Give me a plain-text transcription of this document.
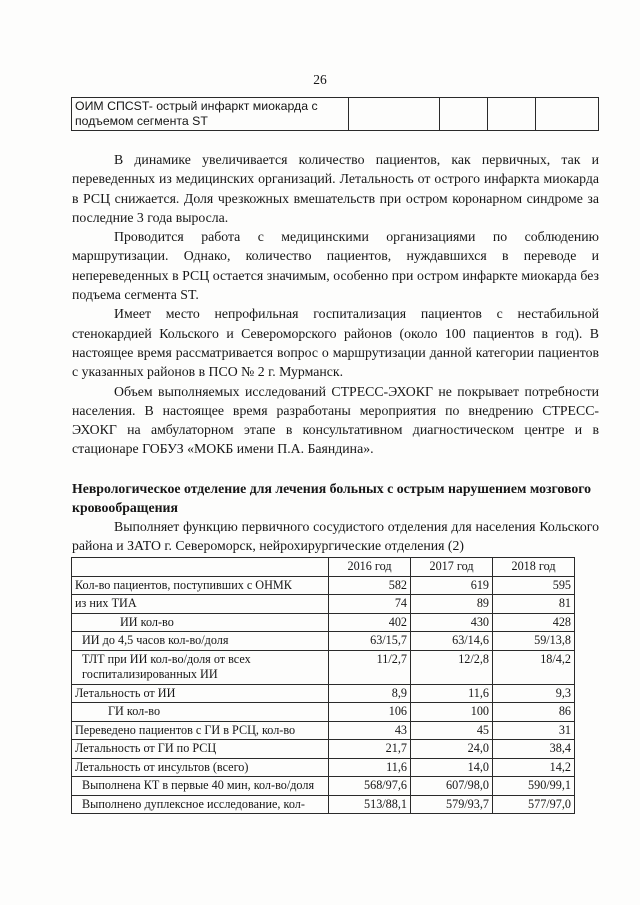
26
ОИМ СПСST- острый инфаркт миокарда с подъемом сегмента ST				

В динамике увеличивается количество пациентов, как первичных, так и переведенных из медицинских организаций. Летальность от острого инфаркта миокарда в РСЦ снижается. Доля чрезкожных вмешательств при остром коронарном синдроме за последние 3 года выросла.

Проводится работа с медицинскими организациями по соблюдению маршрутизации. Однако, количество пациентов, нуждавшихся в переводе и непереведенных в РСЦ остается значимым, особенно при остром инфаркте миокарда без подъема сегмента ST.

Имеет место непрофильная госпитализация пациентов с нестабильной стенокардией Кольского и Североморского районов (около 100 пациентов в год). В настоящее время рассматривается вопрос о маршрутизации данной категории пациентов с указанных районов в ПСО № 2 г. Мурманск.

Объем выполняемых исследований СТРЕСС-ЭХОКГ не покрывает потребности населения. В настоящее время разработаны мероприятия по внедрению СТРЕСС-ЭХОКГ на амбулаторном этапе в консультативном диагностическом центре и в стационаре ГОБУЗ «МОКБ имени П.А. Баяндина».

Неврологическое отделение для лечения больных с острым нарушением мозгового кровообращения

Выполняет функцию первичного сосудистого отделения для населения Кольского района и ЗАТО г. Североморск, нейрохирургические отделения (2)

	2016 год	2017 год	2018 год
Кол-во пациентов, поступивших с ОНМК	582	619	595
из них ТИА	74	89	81
ИИ кол-во	402	430	428
ИИ до 4,5 часов кол-во/доля	63/15,7	63/14,6	59/13,8
ТЛТ при ИИ кол-во/доля от всех госпитализированных ИИ	11/2,7	12/2,8	18/4,2
Летальность от ИИ	8,9	11,6	9,3
ГИ кол-во	106	100	86
Переведено пациентов с ГИ в РСЦ, кол-во	43	45	31
Летальность от ГИ по РСЦ	21,7	24,0	38,4
Летальность от инсультов (всего)	11,6	14,0	14,2
Выполнена КТ в первые 40 мин, кол-во/доля	568/97,6	607/98,0	590/99,1
Выполнено дуплексное исследование, кол-	513/88,1	579/93,7	577/97,0
